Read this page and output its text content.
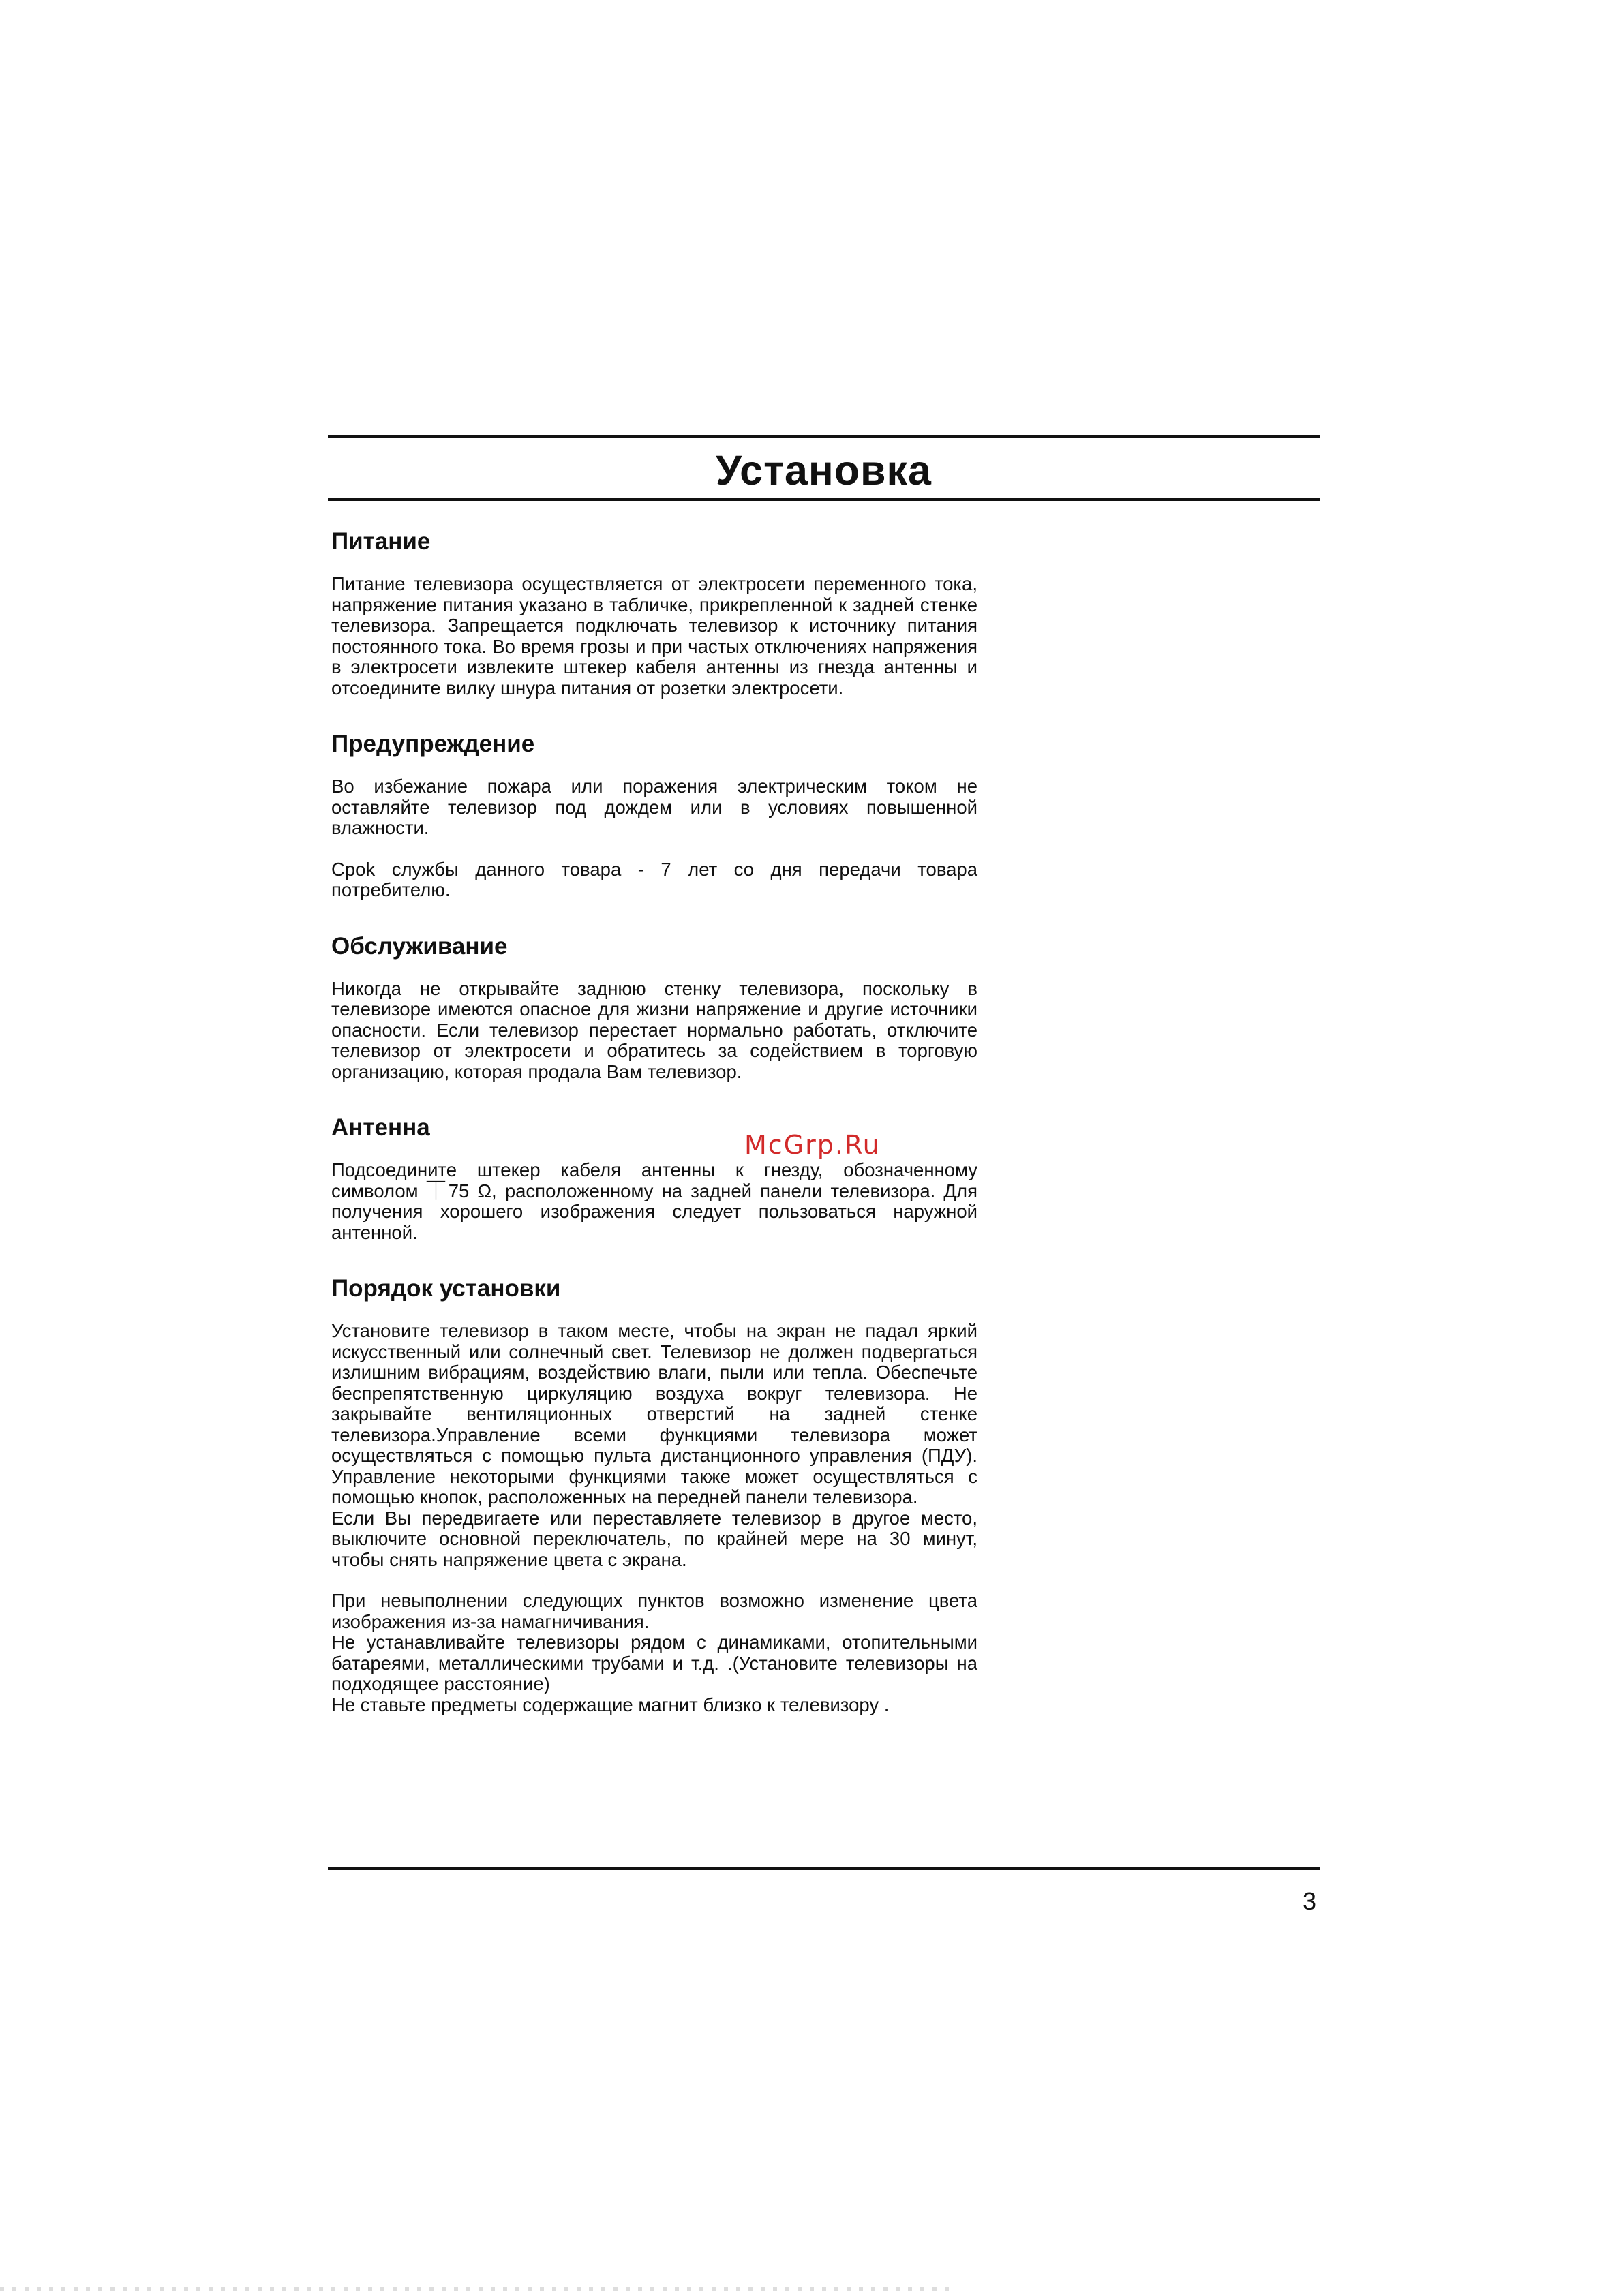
Установка
Питание

Питание телевизора осуществляется от электросети переменного тока, напряжение питания указано в табличке, прикрепленной к задней стенке телевизора. Запрещается подключать телевизор к источнику питания постоянного тока. Во время грозы и при частых отключениях напряжения в электросети извлеките штекер кабеля антенны из гнезда антенны и отсоедините вилку шнура питания от розетки электросети.

Предупреждение

Во избежание пожара или поражения электрическим током не оставляйте телевизор под дождем или в условиях повышенной влажности.

Cpok службы данного товара - 7 лет со дня передачи товара потребителю.

Обслуживание

Никогда не открывайте заднюю стенку телевизора, поскольку в телевизоре имеются опасное для жизни напряжение и другие источники опасности. Если телевизор перестает нормально работать, отключите телевизор от электросети и обратитесь за содействием в торговую организацию, которая продала Вам телевизор.

Антенна

Подсоедините штекер кабеля антенны к гнезду, обозначенному символом ⏉75 Ω, расположенному на задней панели телевизора. Для получения хорошего изображения следует пользоваться наружной антенной.

Порядок установки

Установите телевизор в таком месте, чтобы на экран не падал яркий искусственный или солнечный свет. Телевизор не должен подвергаться излишним вибрациям, воздействию влаги, пыли или тепла. Обеспечьте беспрепятственную циркуляцию воздуха вокруг телевизора. Не закрывайте вентиляционных отверстий на задней стенке телевизора.Управление всеми функциями телевизора может осуществляться с помощью пульта дистанционного управления (ПДУ). Управление некоторыми функциями также может осуществляться с помощью кнопок, расположенных на передней панели телевизора.

Если Вы передвигаете или переставляете телевизор в другое место, выключите основной переключатель, по крайней мере на 30 минут, чтобы снять напряжение цвета с экрана.

При невыполнении следующих пунктов возможно изменение цвета изображения из-за намагничивания.

Не устанавливайте телевизоры рядом с динамиками, отопительными батареями, металлическими трубами и т.д. .(Установите телевизоры на подходящее расстояние)

Не ставьте предметы содержащие магнит близко к телевизору .

McGrp.Ru
3
